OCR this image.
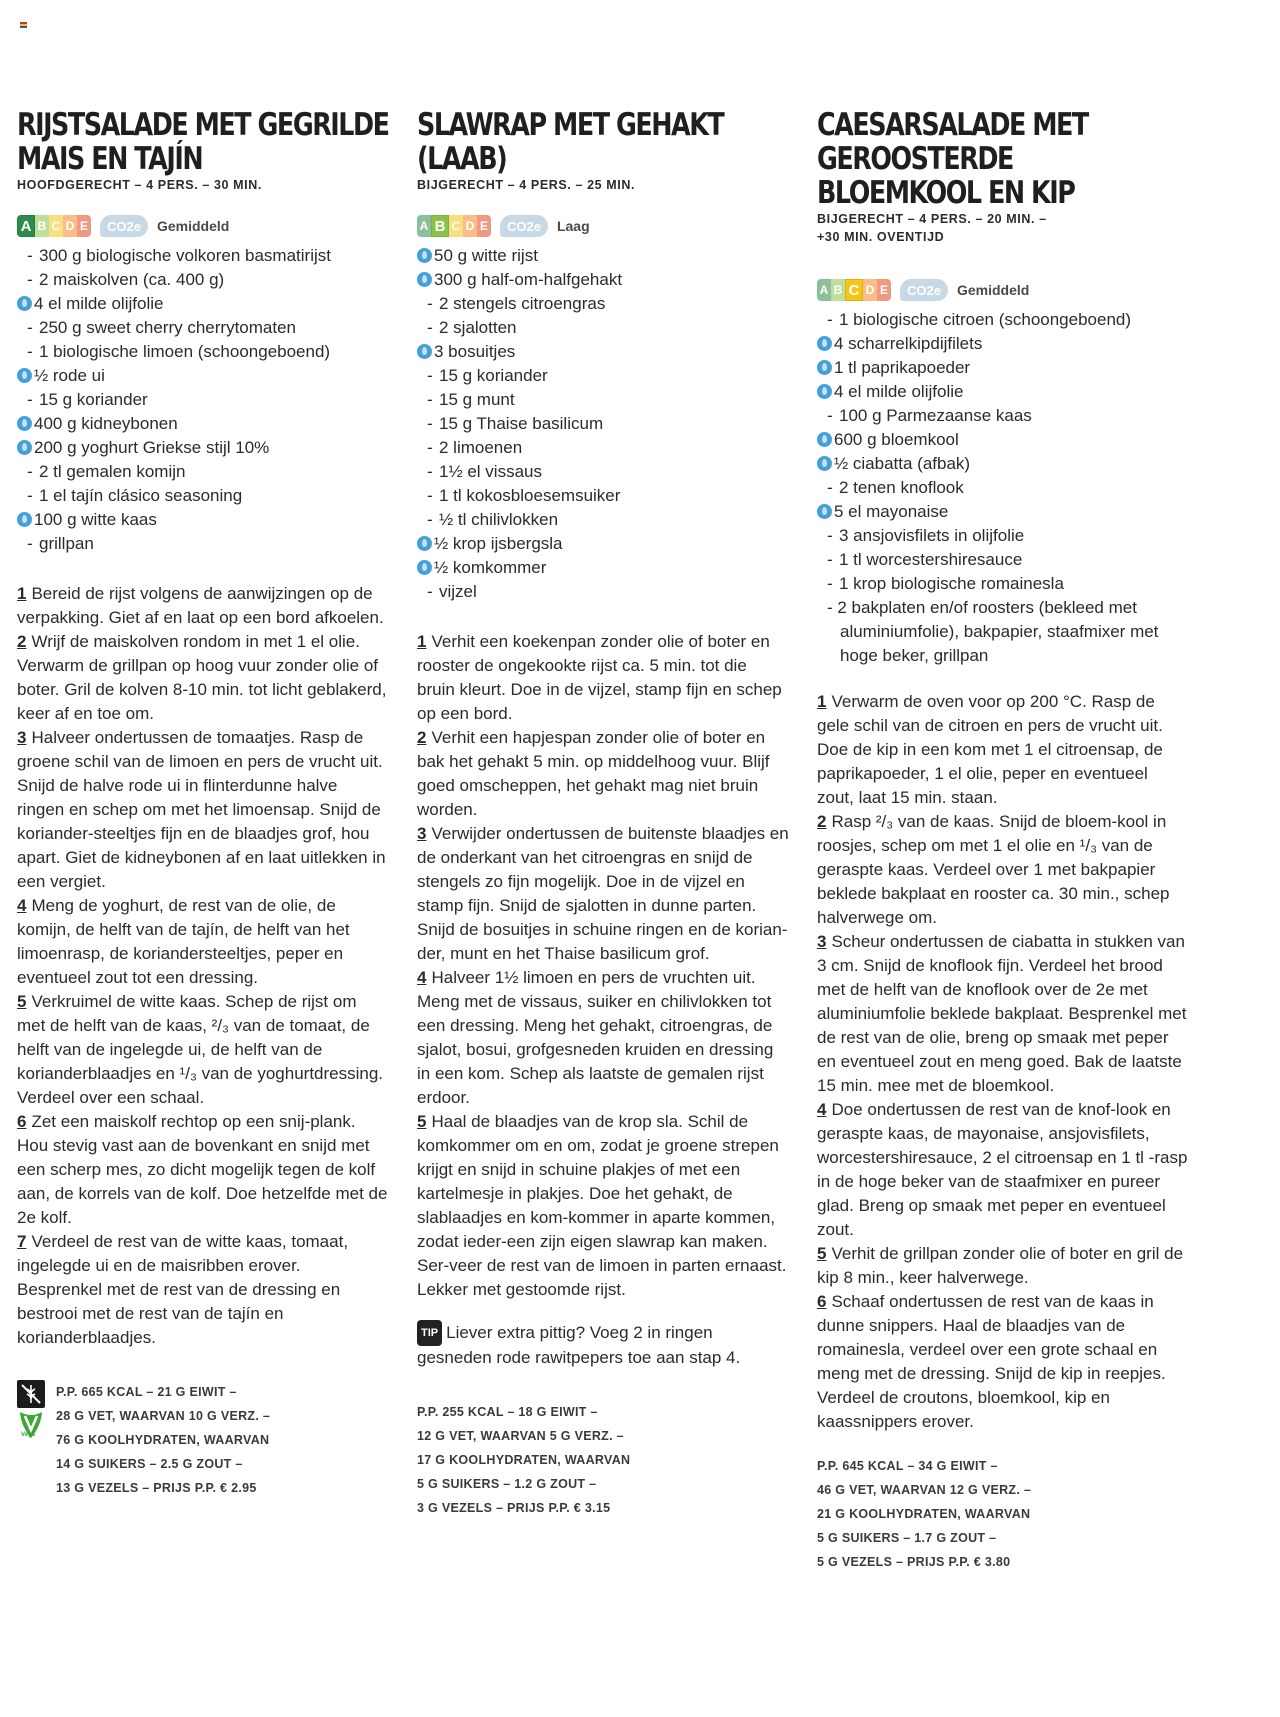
RIJSTSALADE MET GEGRILDE
MAIS EN TAJÍN

HOOFDGERECHT – 4 PERS. – 30 MIN.

A B C D E	CO2e	Gemiddeld
- 300 g biologische volkoren basmatirijst
- 2 maiskolven (ca. 400 g)
4 el milde olijfolie
- 250 g sweet cherry cherrytomaten
- 1 biologische limoen (schoongeboend)
½ rode ui
- 15 g koriander
400 g kidneybonen
200 g yoghurt Griekse stijl 10%
- 2 tl gemalen komijn
- 1 el tajín clásico seasoning
100 g witte kaas
- grillpan

1 Bereid de rijst volgens de aanwijzingen op de verpakking. Giet af en laat op een bord afkoelen.

2 Wrijf de maiskolven rondom in met 1 el olie. Verwarm de grillpan op hoog vuur zonder olie of boter. Gril de kolven 8-10 min. tot licht geblakerd, keer af en toe om.

3 Halveer ondertussen de tomaatjes. Rasp de groene schil van de limoen en pers de vrucht uit. Snijd de halve rode ui in flinterdunne halve ringen en schep om met het limoensap. Snijd de koriander-steeltjes fijn en de blaadjes grof, hou apart. Giet de kidneybonen af en laat uitlekken in een vergiet.

4 Meng de yoghurt, de rest van de olie, de komijn, de helft van de tajín, de helft van het limoenrasp, de koriandersteeltjes, peper en eventueel zout tot een dressing.

5 Verkruimel de witte kaas. Schep de rijst om met de helft van de kaas, ²/₃ van de tomaat, de helft van de ingelegde ui, de helft van de korianderblaadjes en ¹/₃ van de yoghurtdressing. Verdeel over een schaal.

6 Zet een maiskolf rechtop op een snij-plank. Hou stevig vast aan de bovenkant en snijd met een scherp mes, zo dicht mogelijk tegen de kolf aan, de korrels van de kolf. Doe hetzelfde met de 2e kolf.

7 Verdeel de rest van de witte kaas, tomaat, ingelegde ui en de maisribben erover. Besprenkel met de rest van de dressing en bestrooi met de rest van de tajín en korianderblaadjes.

P.P. 665 KCAL – 21 G EIWIT –

28 G VET, WAARVAN 10 G VERZ. –

76 G KOOLHYDRATEN, WAARVAN

14 G SUIKERS – 2.5 G ZOUT –

13 G VEZELS – PRIJS P.P. € 2.95

Vega
SLAWRAP MET GEHAKT (LAAB)

BIJGERECHT – 4 PERS. – 25 MIN.

A B C D E	CO2e	Laag
50 g witte rijst
300 g half-om-halfgehakt
- 2 stengels citroengras
- 2 sjalotten
3 bosuitjes
- 15 g koriander
- 15 g munt
- 15 g Thaise basilicum
- 2 limoenen
- 1½ el vissaus
- 1 tl kokosbloesemsuiker
- ½ tl chilivlokken
½ krop ijsbergsla
½ komkommer
- vijzel

1 Verhit een koekenpan zonder olie of boter en rooster de ongekookte rijst ca. 5 min. tot die bruin kleurt. Doe in de vijzel, stamp fijn en schep op een bord.

2 Verhit een hapjespan zonder olie of boter en bak het gehakt 5 min. op middelhoog vuur. Blijf goed omscheppen, het gehakt mag niet bruin worden.

3 Verwijder ondertussen de buitenste blaadjes en de onderkant van het citroengras en snijd de stengels zo fijn mogelijk. Doe in de vijzel en stamp fijn. Snijd de sjalotten in dunne parten. Snijd de bosuitjes in schuine ringen en de korian-der, munt en het Thaise basilicum grof.

4 Halveer 1½ limoen en pers de vruchten uit. Meng met de vissaus, suiker en chilivlokken tot een dressing. Meng het gehakt, citroengras, de sjalot, bosui, grofgesneden kruiden en dressing in een kom. Schep als laatste de gemalen rijst erdoor.

5 Haal de blaadjes van de krop sla. Schil de komkommer om en om, zodat je groene strepen krijgt en snijd in schuine plakjes of met een kartelmesje in plakjes. Doe het gehakt, de slablaadjes en kom-kommer in aparte kommen, zodat ieder-een zijn eigen slawrap kan maken. Ser-veer de rest van de limoen in parten ernaast. Lekker met gestoomde rijst.

TIP Liever extra pittig? Voeg 2 in ringen gesneden rode rawitpepers toe aan stap 4.

P.P. 255 KCAL – 18 G EIWIT –

12 G VET, WAARVAN 5 G VERZ. –

17 G KOOLHYDRATEN, WAARVAN

5 G SUIKERS – 1.2 G ZOUT –

3 G VEZELS – PRIJS P.P. € 3.15

CAESARSALADE MET
GEROOSTERDE
BLOEMKOOL EN KIP

BIJGERECHT – 4 PERS. – 20 MIN. –

+30 MIN. OVENTIJD

A B C D E	CO2e	Gemiddeld
- 1 biologische citroen (schoongeboend)
4 scharrelkipdijfilets
1 tl paprikapoeder
4 el milde olijfolie
- 100 g Parmezaanse kaas
600 g bloemkool
½ ciabatta (afbak)
- 2 tenen knoflook
5 el mayonaise
- 3 ansjovisfilets in olijfolie
- 1 tl worcestershiresauce
- 1 krop biologische romainesla
- 2 bakplaten en/of roosters (bekleed met aluminiumfolie), bakpapier, staafmixer met hoge beker, grillpan

1 Verwarm de oven voor op 200 °C. Rasp de gele schil van de citroen en pers de vrucht uit. Doe de kip in een kom met 1 el citroensap, de paprikapoeder, 1 el olie, peper en eventueel zout, laat 15 min. staan.

2 Rasp ²/₃ van de kaas. Snijd de bloem-kool in roosjes, schep om met 1 el olie en ¹/₃ van de geraspte kaas. Verdeel over 1 met bakpapier beklede bakplaat en rooster ca. 30 min., schep halverwege om.

3 Scheur ondertussen de ciabatta in stukken van 3 cm. Snijd de knoflook fijn. Verdeel het brood met de helft van de knoflook over de 2e met aluminiumfolie beklede bakplaat. Besprenkel met de rest van de olie, breng op smaak met peper en eventueel zout en meng goed. Bak de laatste 15 min. mee met de bloemkool.

4 Doe ondertussen de rest van de knof-look en geraspte kaas, de mayonaise, ansjovisfilets, worcestershiresauce, 2 el citroensap en 1 tl -rasp in de hoge beker van de staafmixer en pureer glad. Breng op smaak met peper en eventueel zout.

5 Verhit de grillpan zonder olie of boter en gril de kip 8 min., keer halverwege.

6 Schaaf ondertussen de rest van de kaas in dunne snippers. Haal de blaadjes van de romainesla, verdeel over een grote schaal en meng met de dressing. Snijd de kip in reepjes. Verdeel de croutons, bloemkool, kip en kaassnippers erover.

P.P. 645 KCAL – 34 G EIWIT –

46 G VET, WAARVAN 12 G VERZ. –

21 G KOOLHYDRATEN, WAARVAN

5 G SUIKERS – 1.7 G ZOUT –

5 G VEZELS – PRIJS P.P. € 3.80
